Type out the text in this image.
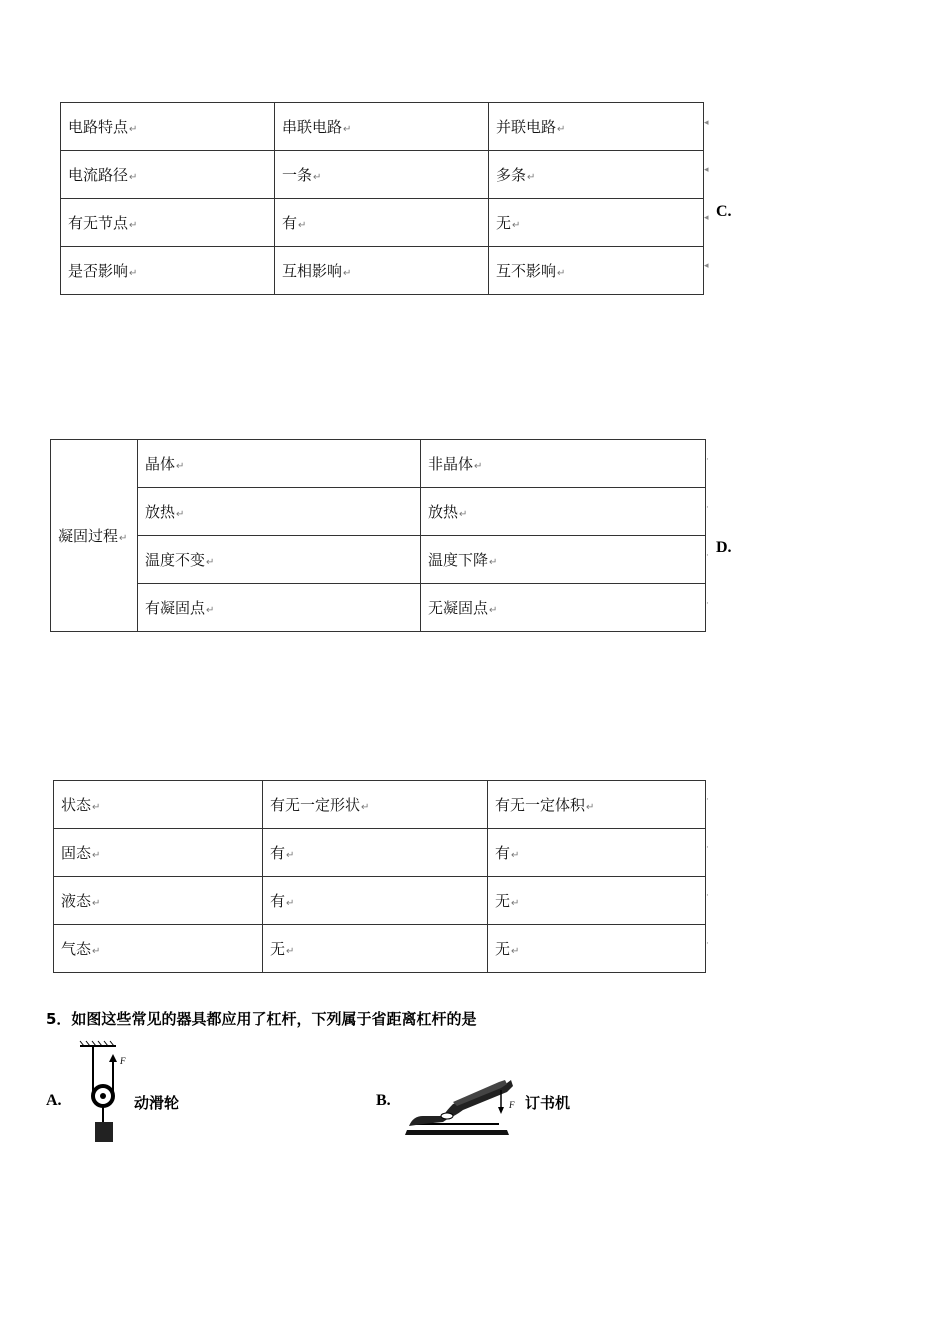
电路特点↵	串联电路↵	并联电路↵
电流路径↵	一条↵	多条↵
有无节点↵	有↵	无↵
是否影响↵	互相影响↵	互不影响↵
◂
◂
◂
◂
C.
凝固过程↵	晶体↵	非晶体↵
	放热↵	放热↵
	温度不变↵	温度下降↵
	有凝固点↵	无凝固点↵
·
·
·
·
D.
状态↵	有无一定形状↵	有无一定体积↵
固态↵	有↵	有↵
液态↵	有↵	无↵
气态↵	无↵	无↵
·
·
·
·
5．如图这些常见的器具都应用了杠杆，下列属于省距离杠杆的是
A.
F
动滑轮	B.	F 订书机
